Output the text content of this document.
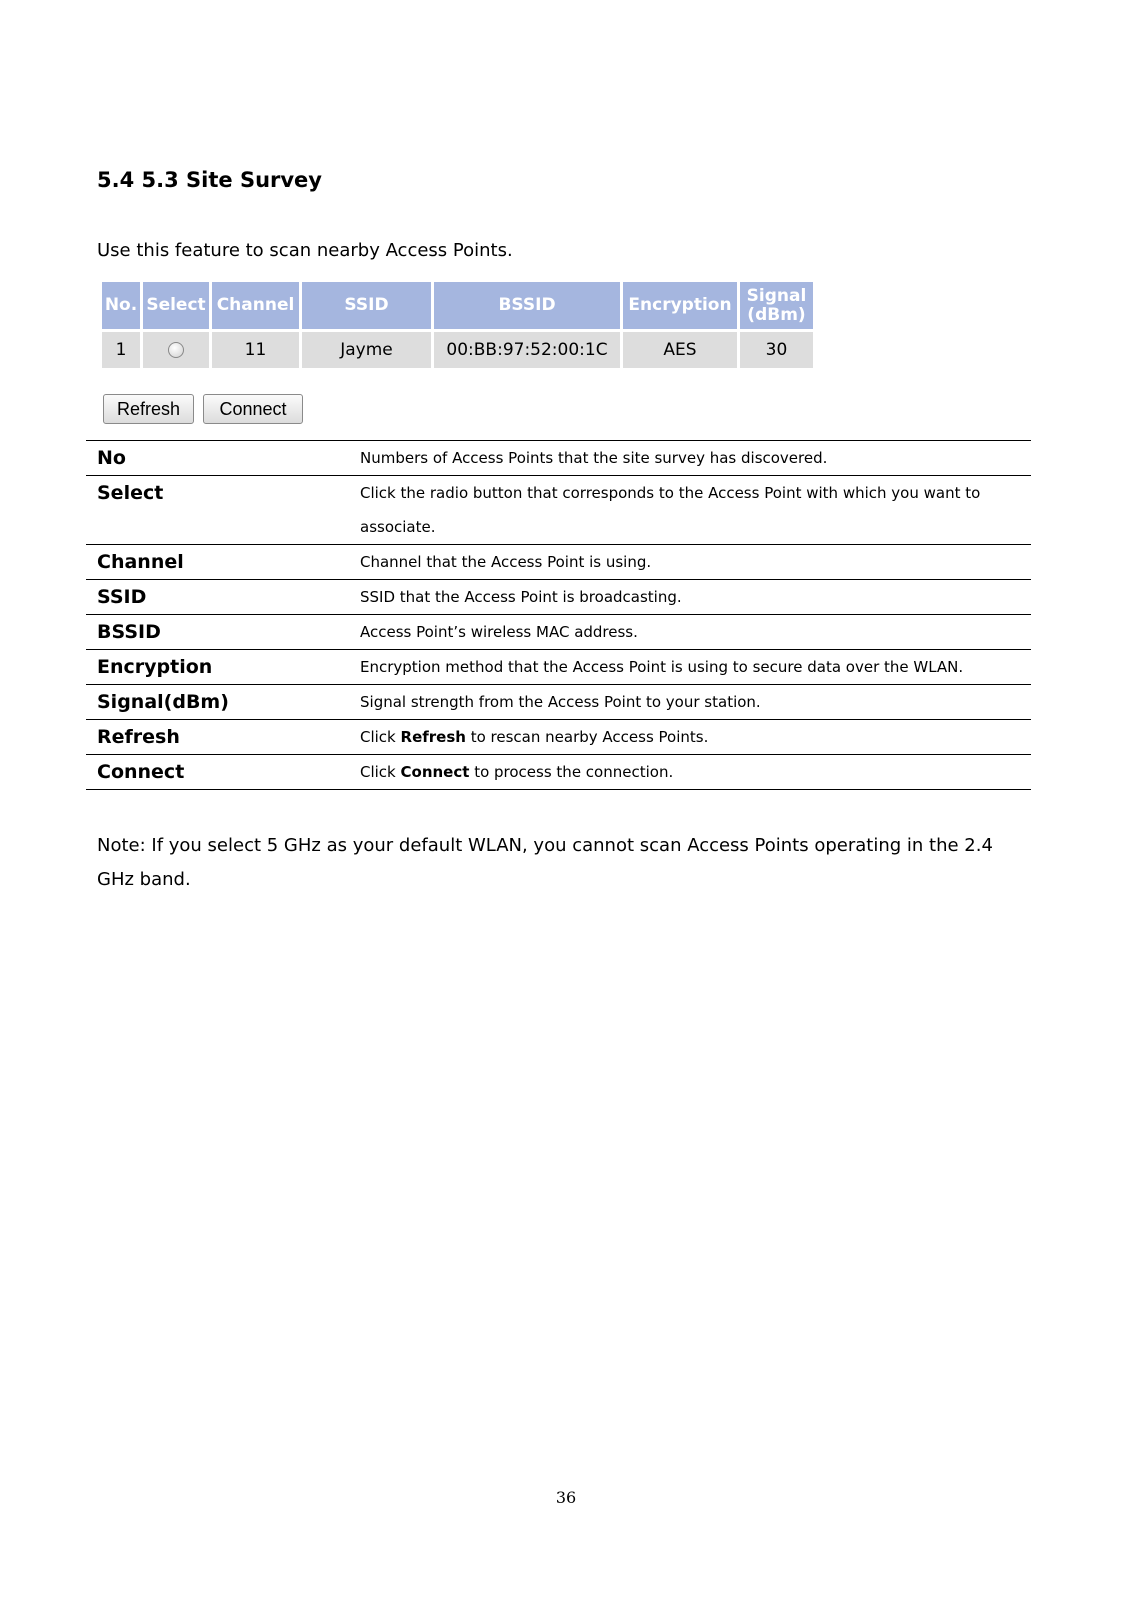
5.4 5.3 Site Survey

Use this feature to scan nearby Access Points.

No.	Select	Channel	SSID	BSSID	Encryption	Signal (dBm)
1		11	Jayme	00:BB:97:52:00:1C	AES	30
Refresh	Connect
No	Numbers of Access Points that the site survey has discovered.
Select	Click the radio button that corresponds to the Access Point with which you want to associate.
Channel	Channel that the Access Point is using.
SSID	SSID that the Access Point is broadcasting.
BSSID	Access Point’s wireless MAC address.
Encryption	Encryption method that the Access Point is using to secure data over the WLAN.
Signal(dBm)	Signal strength from the Access Point to your station.
Refresh	Click Refresh to rescan nearby Access Points.
Connect	Click Connect to process the connection.

Note: If you select 5 GHz as your default WLAN, you cannot scan Access Points operating in the 2.4 GHz band.

36
